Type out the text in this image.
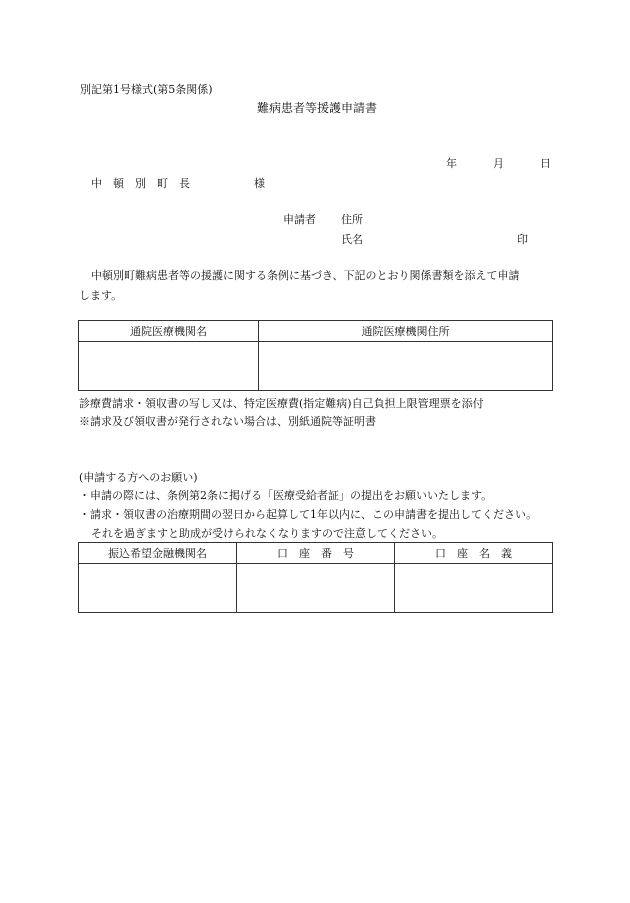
別記第1号様式(第5条関係)
難病患者等援護申請書
年	月	日
中　頓　別　町　長	様
申請者 住所
氏名	印
中頓別町難病患者等の援護に関する条例に基づき、下記のとおり関係書類を添えて申請
します。
通院医療機関名	通院医療機関住所

診療費請求・領収書の写し又は、特定医療費(指定難病)自己負担上限管理票を添付
※請求及び領収書が発行されない場合は、別紙通院等証明書
(申請する方へのお願い)
・申請の際には、条例第2条に掲げる「医療受給者証」の提出をお願いいたします。
・請求・領収書の治療期間の翌日から起算して1年以内に、この申請書を提出してください。
それを過ぎますと助成が受けられなくなりますので注意してください。
振込希望金融機関名	口　座　番　号	口　座　名　義
